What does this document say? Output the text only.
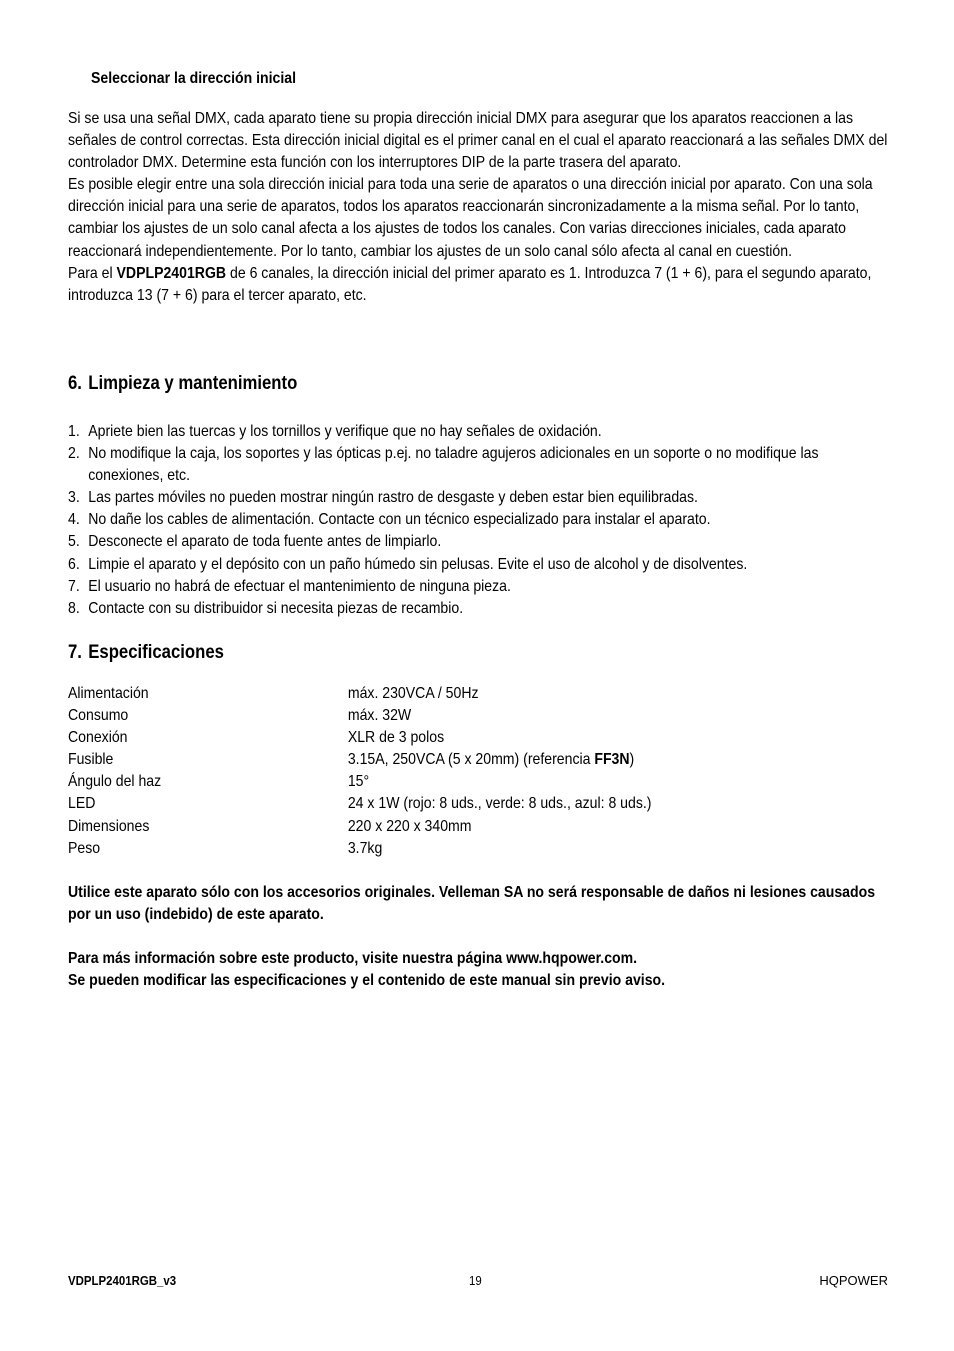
Seleccionar la dirección inicial

Si se usa una señal DMX, cada aparato tiene su propia dirección inicial DMX para asegurar que los aparatos reaccionen a las señales de control correctas. Esta dirección inicial digital es el primer canal en el cual el aparato reaccionará a las señales DMX del controlador DMX. Determine esta función con los interruptores DIP de la parte trasera del aparato.

Es posible elegir entre una sola dirección inicial para toda una serie de aparatos o una dirección inicial por aparato. Con una sola dirección inicial para una serie de aparatos, todos los aparatos reaccionarán sincronizadamente a la misma señal. Por lo tanto, cambiar los ajustes de un solo canal afecta a los ajustes de todos los canales. Con varias direcciones iniciales, cada aparato reaccionará independientemente. Por lo tanto, cambiar los ajustes de un solo canal sólo afecta al canal en cuestión.

Para el VDPLP2401RGB de 6 canales, la dirección inicial del primer aparato es 1. Introduzca 7 (1 + 6), para el segundo aparato, introduzca 13 (7 + 6) para el tercer aparato, etc.

6. Limpieza y mantenimiento
1. Apriete bien las tuercas y los tornillos y verifique que no hay señales de oxidación.
2. No modifique la caja, los soportes y las ópticas p.ej. no taladre agujeros adicionales en un soporte o no modifique las conexiones, etc.
3. Las partes móviles no pueden mostrar ningún rastro de desgaste y deben estar bien equilibradas.
4. No dañe los cables de alimentación. Contacte con un técnico especializado para instalar el aparato.
5. Desconecte el aparato de toda fuente antes de limpiarlo.
6. Limpie el aparato y el depósito con un paño húmedo sin pelusas. Evite el uso de alcohol y de disolventes.
7. El usuario no habrá de efectuar el mantenimiento de ninguna pieza.
8. Contacte con su distribuidor si necesita piezas de recambio.
7. Especificaciones
Alimentación	máx. 230VCA / 50Hz
Consumo	máx. 32W
Conexión	XLR de 3 polos
Fusible	3.15A, 250VCA (5 x 20mm) (referencia FF3N)
Ángulo del haz	15°
LED	24 x 1W (rojo: 8 uds., verde: 8 uds., azul: 8 uds.)
Dimensiones	220 x 220 x 340mm
Peso	3.7kg
Utilice este aparato sólo con los accesorios originales. Velleman SA no será responsable de daños ni lesiones causados por un uso (indebido) de este aparato.
Para más información sobre este producto, visite nuestra página www.hqpower.com.
Se pueden modificar las especificaciones y el contenido de este manual sin previo aviso.
VDPLP2401RGB_v3	19	HQPOWER
